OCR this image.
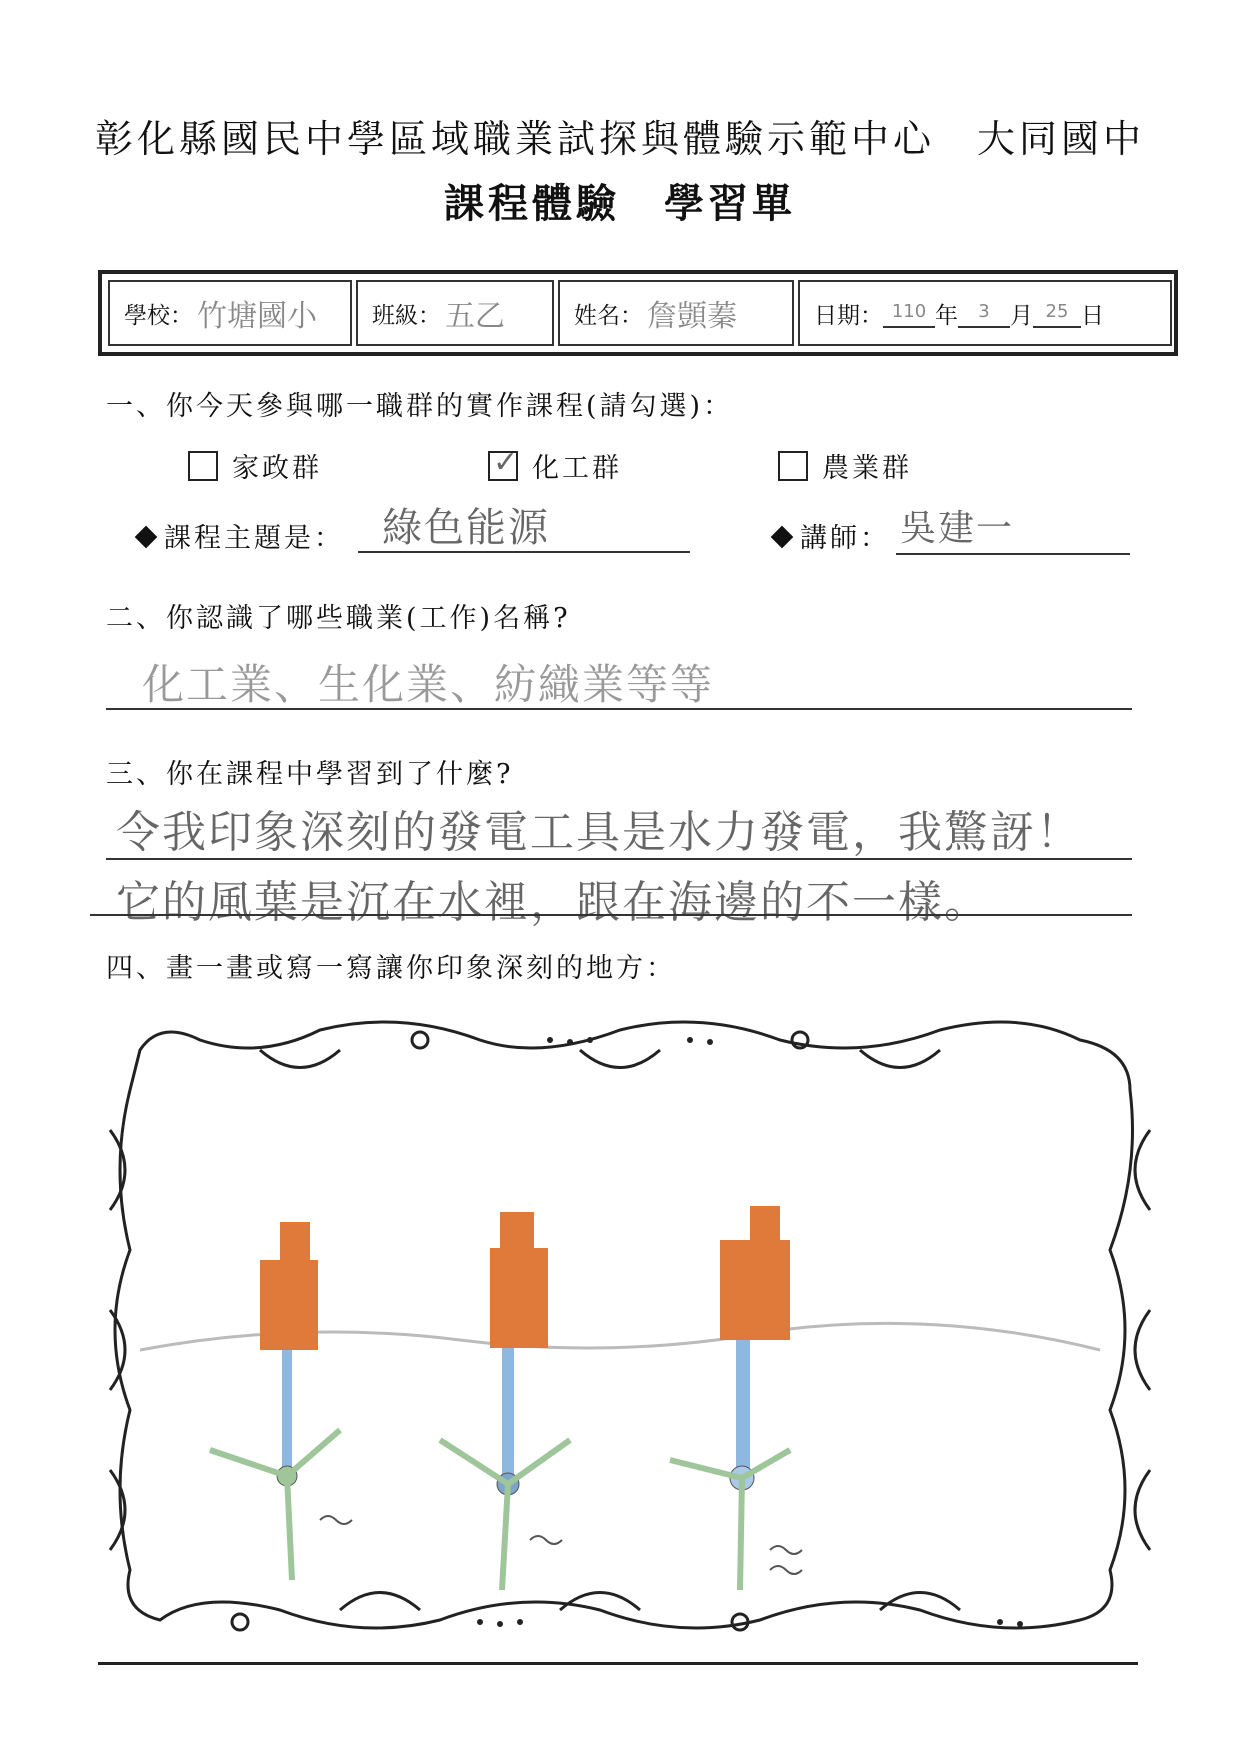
彰化縣國民中學區域職業試探與體驗示範中心　大同國中
課程體驗　學習單
學校： 竹塘國小 班級： 五乙	姓名： 詹顗蓁	日期： 110 年	3 月 25 日
一、你今天參與哪一職群的實作課程(請勾選)：
家政群	✓ 化工群	農業群
課程主題是： 綠色能源	講師： 吳建一
二、你認識了哪些職業(工作)名稱?
化工業、生化業、紡織業等等
三、你在課程中學習到了什麼?
令我印象深刻的發電工具是水力發電，我驚訝！
它的風葉是沉在水裡，跟在海邊的不一樣。
四、畫一畫或寫一寫讓你印象深刻的地方：
